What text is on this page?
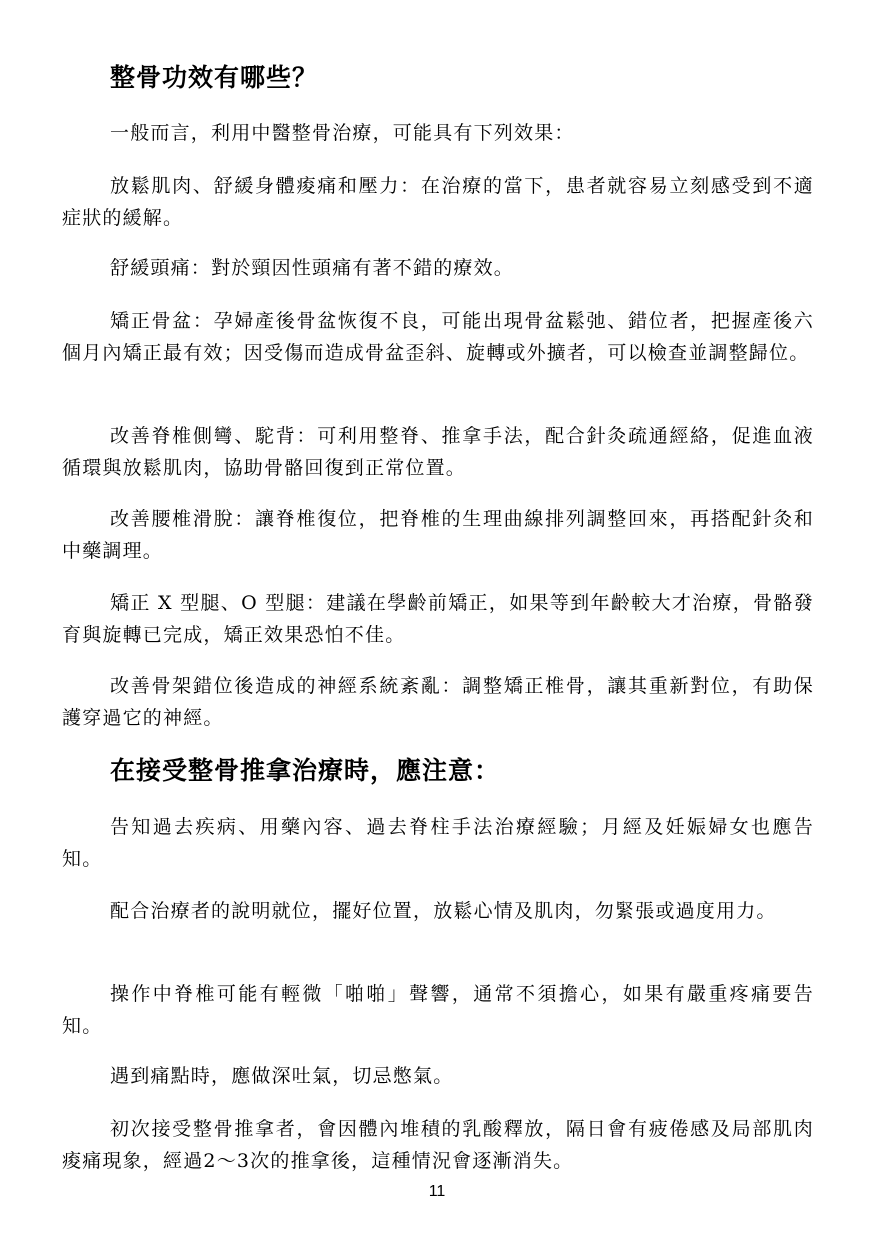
整骨功效有哪些？

一般而言，利用中醫整骨治療，可能具有下列效果：

放鬆肌肉、舒緩身體痠痛和壓力：在治療的當下，患者就容易立刻感受到不適症狀的緩解。

舒緩頭痛：對於頸因性頭痛有著不錯的療效。

矯正骨盆：孕婦產後骨盆恢復不良，可能出現骨盆鬆弛、錯位者，把握產後六個月內矯正最有效；因受傷而造成骨盆歪斜、旋轉或外擴者，可以檢查並調整歸位。

改善脊椎側彎、駝背：可利用整脊、推拿手法，配合針灸疏通經絡，促進血液循環與放鬆肌肉，協助骨骼回復到正常位置。

改善腰椎滑脫：讓脊椎復位，把脊椎的生理曲線排列調整回來，再搭配針灸和中藥調理。

矯正 X 型腿、O 型腿：建議在學齡前矯正，如果等到年齡較大才治療，骨骼發育與旋轉已完成，矯正效果恐怕不佳。

改善骨架錯位後造成的神經系統紊亂：調整矯正椎骨，讓其重新對位，有助保護穿過它的神經。

在接受整骨推拿治療時，應注意：

告知過去疾病、用藥內容、過去脊柱手法治療經驗；月經及妊娠婦女也應告知。

配合治療者的說明就位，擺好位置，放鬆心情及肌肉，勿緊張或過度用力。

操作中脊椎可能有輕微「啪啪」聲響，通常不須擔心，如果有嚴重疼痛要告知。

遇到痛點時，應做深吐氣，切忌憋氣。

初次接受整骨推拿者，會因體內堆積的乳酸釋放，隔日會有疲倦感及局部肌肉痠痛現象，經過2～3次的推拿後，這種情況會逐漸消失。

11
